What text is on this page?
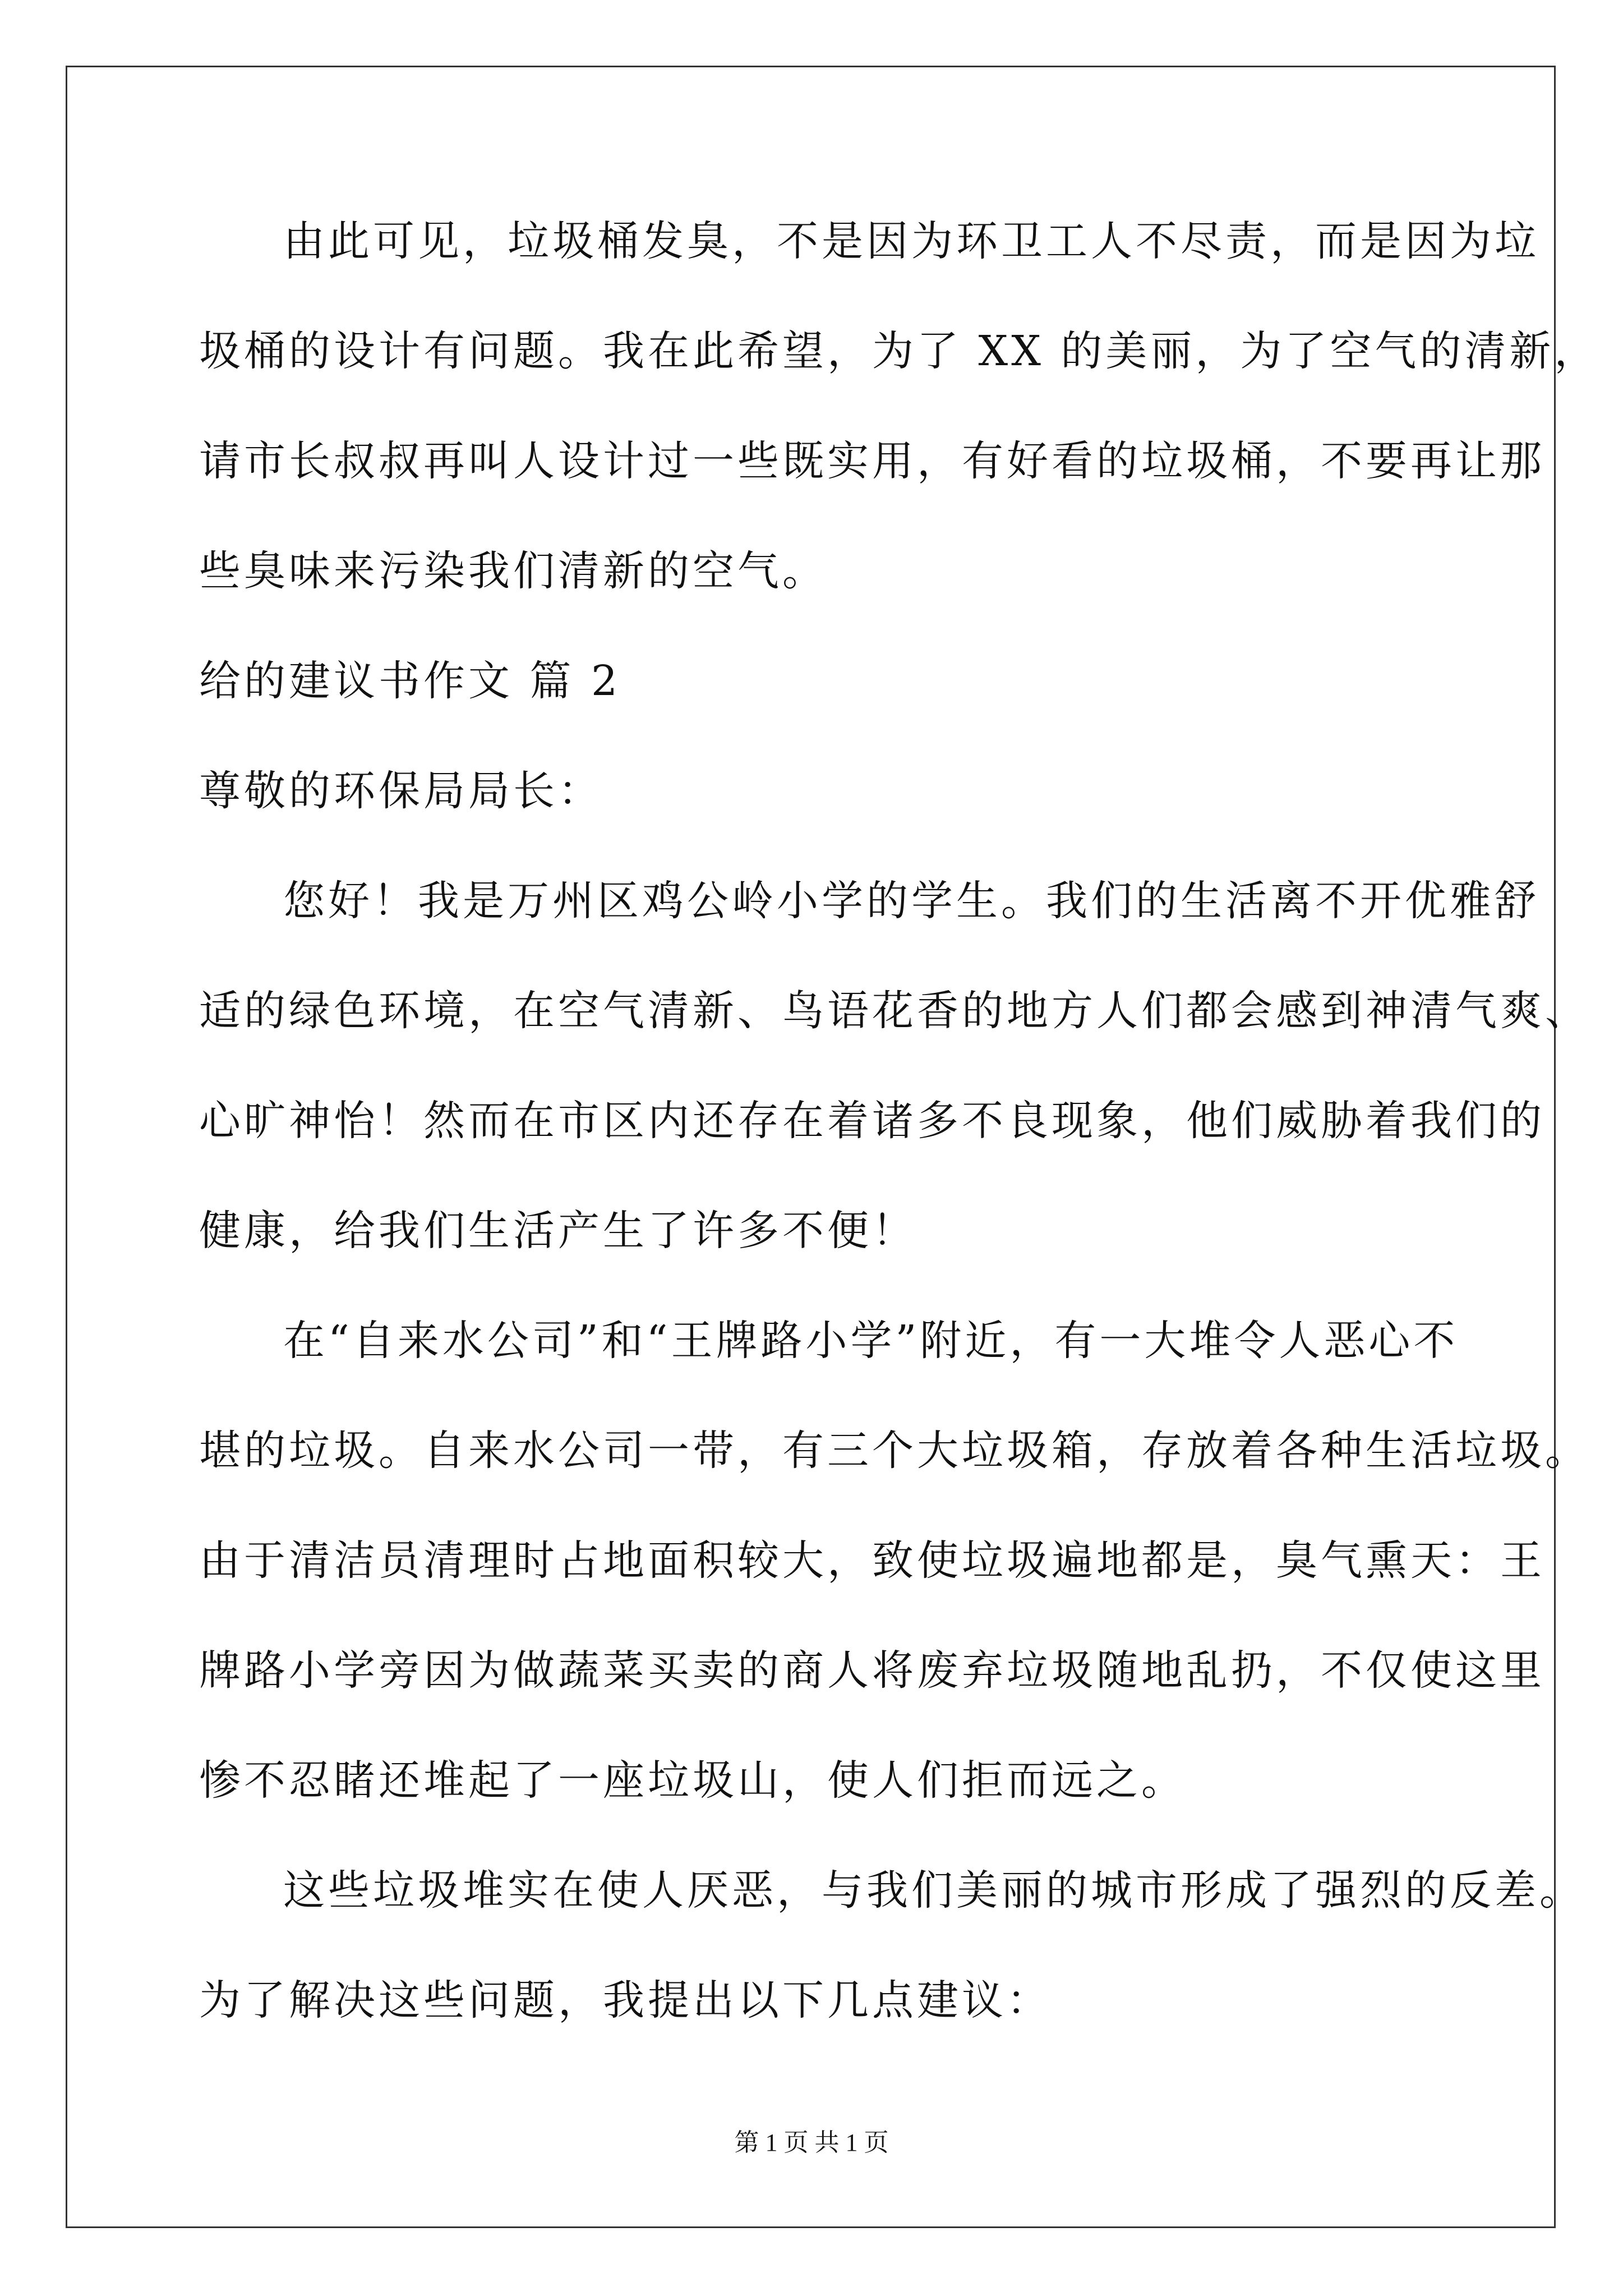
由此可见，垃圾桶发臭，不是因为环卫工人不尽责，而是因为垃
圾桶的设计有问题。我在此希望，为了 XX 的美丽，为了空气的清新，
请市长叔叔再叫人设计过一些既实用，有好看的垃圾桶，不要再让那
些臭味来污染我们清新的空气。
给的建议书作文 篇 2
尊敬的环保局局长：
您好！我是万州区鸡公岭小学的学生。我们的生活离不开优雅舒
适的绿色环境，在空气清新、鸟语花香的地方人们都会感到神清气爽、
心旷神怡！然而在市区内还存在着诸多不良现象，他们威胁着我们的
健康，给我们生活产生了许多不便！
在“自来水公司”和“王牌路小学”附近，有一大堆令人恶心不
堪的垃圾。自来水公司一带，有三个大垃圾箱，存放着各种生活垃圾。
由于清洁员清理时占地面积较大，致使垃圾遍地都是，臭气熏天：王
牌路小学旁因为做蔬菜买卖的商人将废弃垃圾随地乱扔，不仅使这里
惨不忍睹还堆起了一座垃圾山，使人们拒而远之。
这些垃圾堆实在使人厌恶，与我们美丽的城市形成了强烈的反差。
为了解决这些问题，我提出以下几点建议：
第 1 页 共 1 页
